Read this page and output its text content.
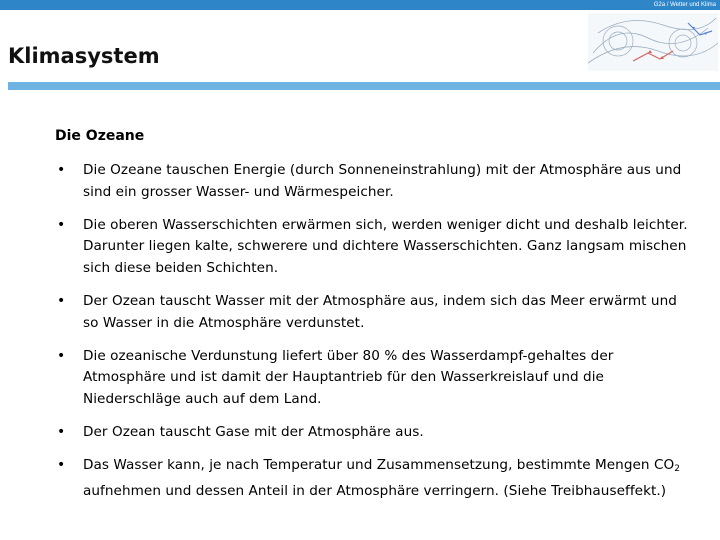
G2a / Wetter und Klima
Klimasystem
Die Ozeane
• Die Ozeane tauschen Energie (durch Sonneneinstrahlung) mit der Atmosphäre aus und sind ein grosser Wasser- und Wärmespeicher.
• Die oberen Wasserschichten erwärmen sich, werden weniger dicht und deshalb leichter. Darunter liegen kalte, schwerere und dichtere Wasserschichten. Ganz langsam mischen sich diese beiden Schichten.
• Der Ozean tauscht Wasser mit der Atmosphäre aus, indem sich das Meer erwärmt und so Wasser in die Atmosphäre verdunstet.
• Die ozeanische Verdunstung liefert über 80 % des Wasserdampf-gehaltes der Atmosphäre und ist damit der Hauptantrieb für den Wasserkreislauf und die Niederschläge auch auf dem Land.
• Der Ozean tauscht Gase mit der Atmosphäre aus.
• Das Wasser kann, je nach Temperatur und Zusammensetzung, bestimmte Mengen $CO_2$ aufnehmen und dessen Anteil in der Atmosphäre verringern. (Siehe Treibhauseffekt.)
